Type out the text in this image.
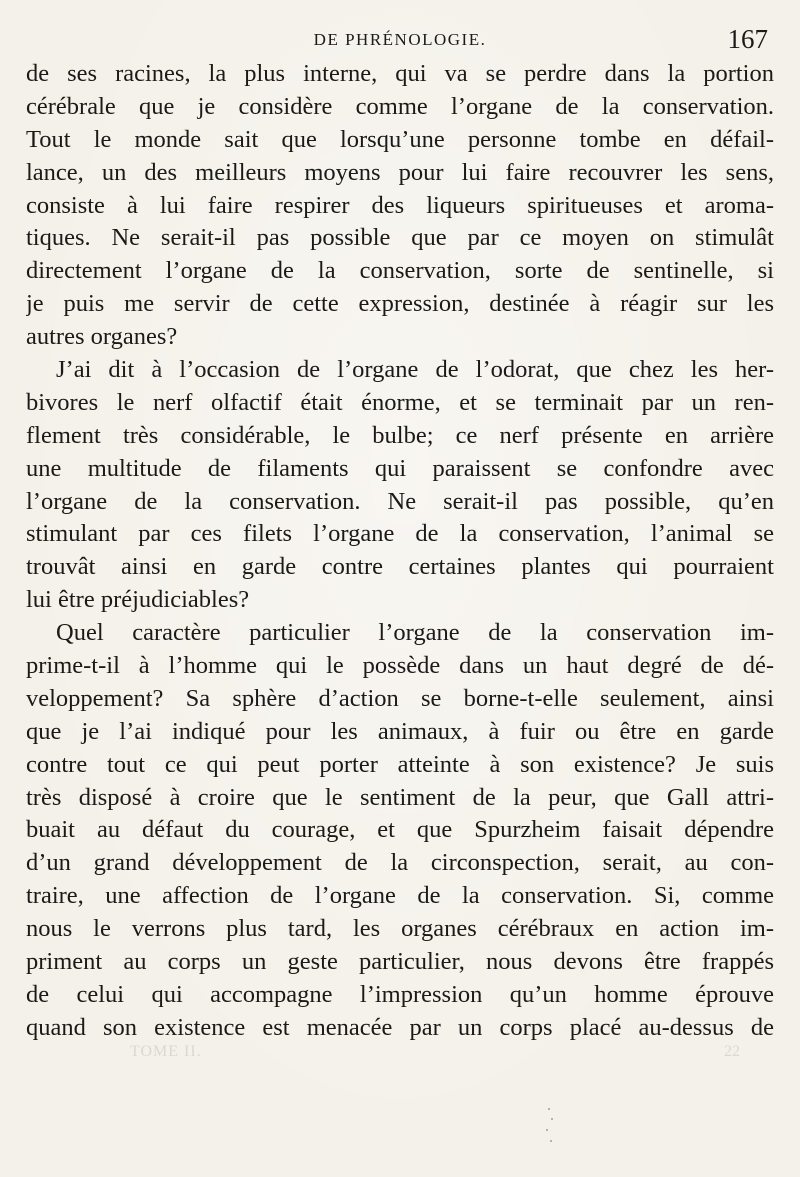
DE PHRÉNOLOGIE.	167
de ses racines, la plus interne, qui va se perdre dans la portion
cérébrale que je considère comme l’organe de la conservation.
Tout le monde sait que lorsqu’une personne tombe en défail-
lance, un des meilleurs moyens pour lui faire recouvrer les sens,
consiste à lui faire respirer des liqueurs spiritueuses et aroma-
tiques. Ne serait-il pas possible que par ce moyen on stimulât
directement l’organe de la conservation, sorte de sentinelle, si
je puis me servir de cette expression, destinée à réagir sur les
autres organes?
J’ai dit à l’occasion de l’organe de l’odorat, que chez les her-
bivores le nerf olfactif était énorme, et se terminait par un ren-
flement très considérable, le bulbe; ce nerf présente en arrière
une multitude de filaments qui paraissent se confondre avec
l’organe de la conservation. Ne serait-il pas possible, qu’en
stimulant par ces filets l’organe de la conservation, l’animal se
trouvât ainsi en garde contre certaines plantes qui pourraient
lui être préjudiciables?
Quel caractère particulier l’organe de la conservation im-
prime-t-il à l’homme qui le possède dans un haut degré de dé-
veloppement? Sa sphère d’action se borne-t-elle seulement, ainsi
que je l’ai indiqué pour les animaux, à fuir ou être en garde
contre tout ce qui peut porter atteinte à son existence? Je suis
très disposé à croire que le sentiment de la peur, que Gall attri-
buait au défaut du courage, et que Spurzheim faisait dépendre
d’un grand développement de la circonspection, serait, au con-
traire, une affection de l’organe de la conservation. Si, comme
nous le verrons plus tard, les organes cérébraux en action im-
priment au corps un geste particulier, nous devons être frappés
de celui qui accompagne l’impression qu’un homme éprouve
quand son existence est menacée par un corps placé au-dessus de
TOME II.	22
